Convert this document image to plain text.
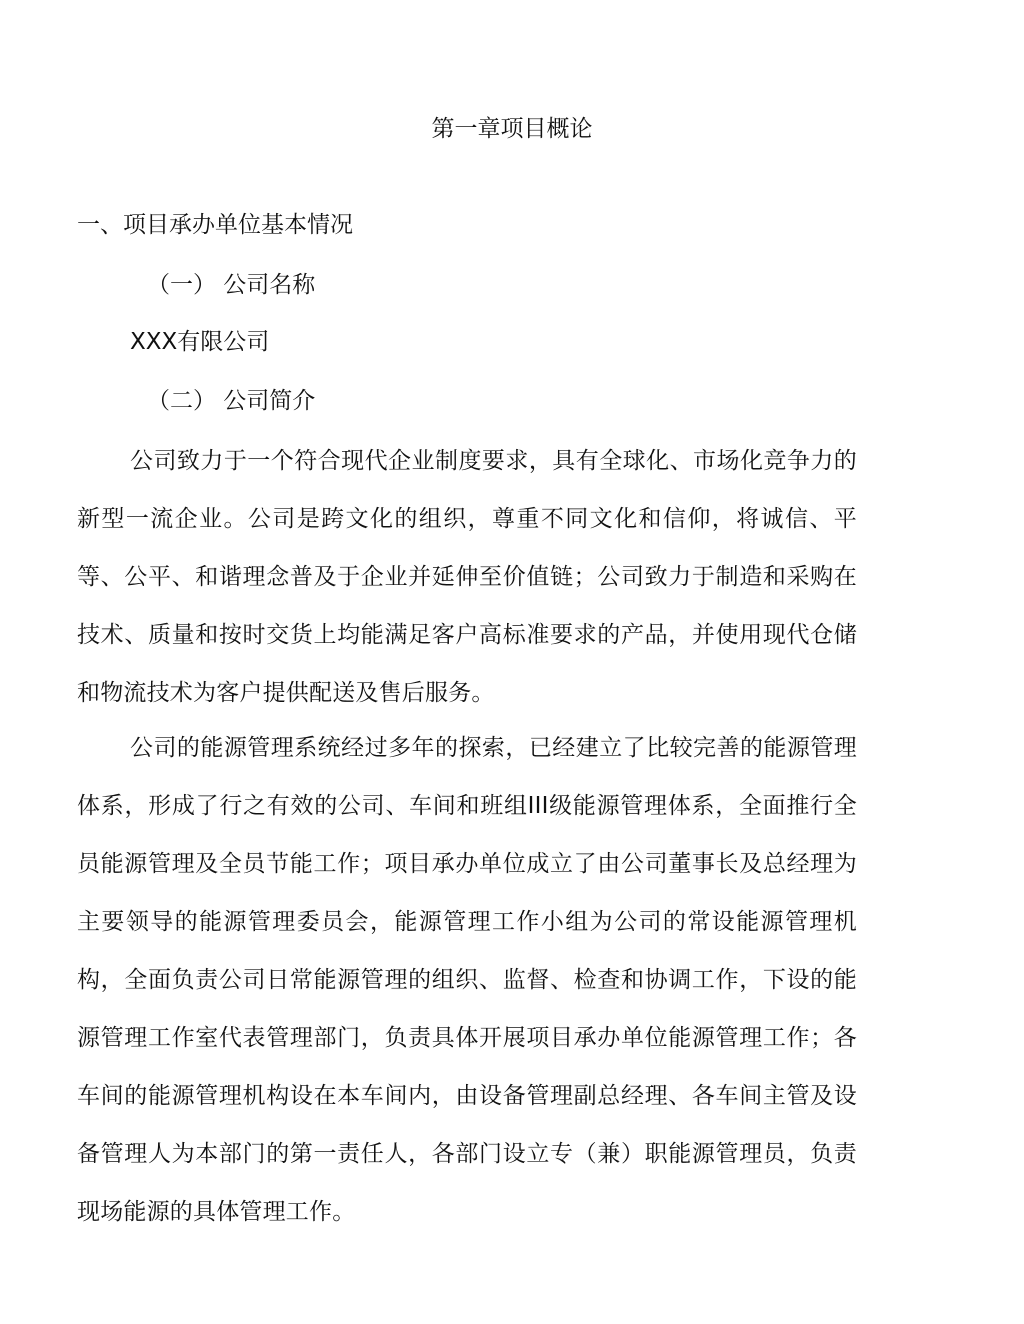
第一章项目概论
一、项目承办单位基本情况
（一） 公司名称

XXX有限公司

（二） 公司简介

公司致力于一个符合现代企业制度要求，具有全球化、市场化竞争力的新型一流企业。公司是跨文化的组织，尊重不同文化和信仰，将诚信、平等、公平、和谐理念普及于企业并延伸至价值链；公司致力于制造和采购在技术、质量和按时交货上均能满足客户高标准要求的产品，并使用现代仓储和物流技术为客户提供配送及售后服务。

公司的能源管理系统经过多年的探索，已经建立了比较完善的能源管理体系，形成了行之有效的公司、车间和班组III级能源管理体系，全面推行全员能源管理及全员节能工作；项目承办单位成立了由公司董事长及总经理为主要领导的能源管理委员会，能源管理工作小组为公司的常设能源管理机构，全面负责公司日常能源管理的组织、监督、检查和协调工作，下设的能源管理工作室代表管理部门，负责具体开展项目承办单位能源管理工作；各车间的能源管理机构设在本车间内，由设备管理副总经理、各车间主管及设备管理人为本部门的第一责任人，各部门设立专（兼）职能源管理员，负责现场能源的具体管理工作。
